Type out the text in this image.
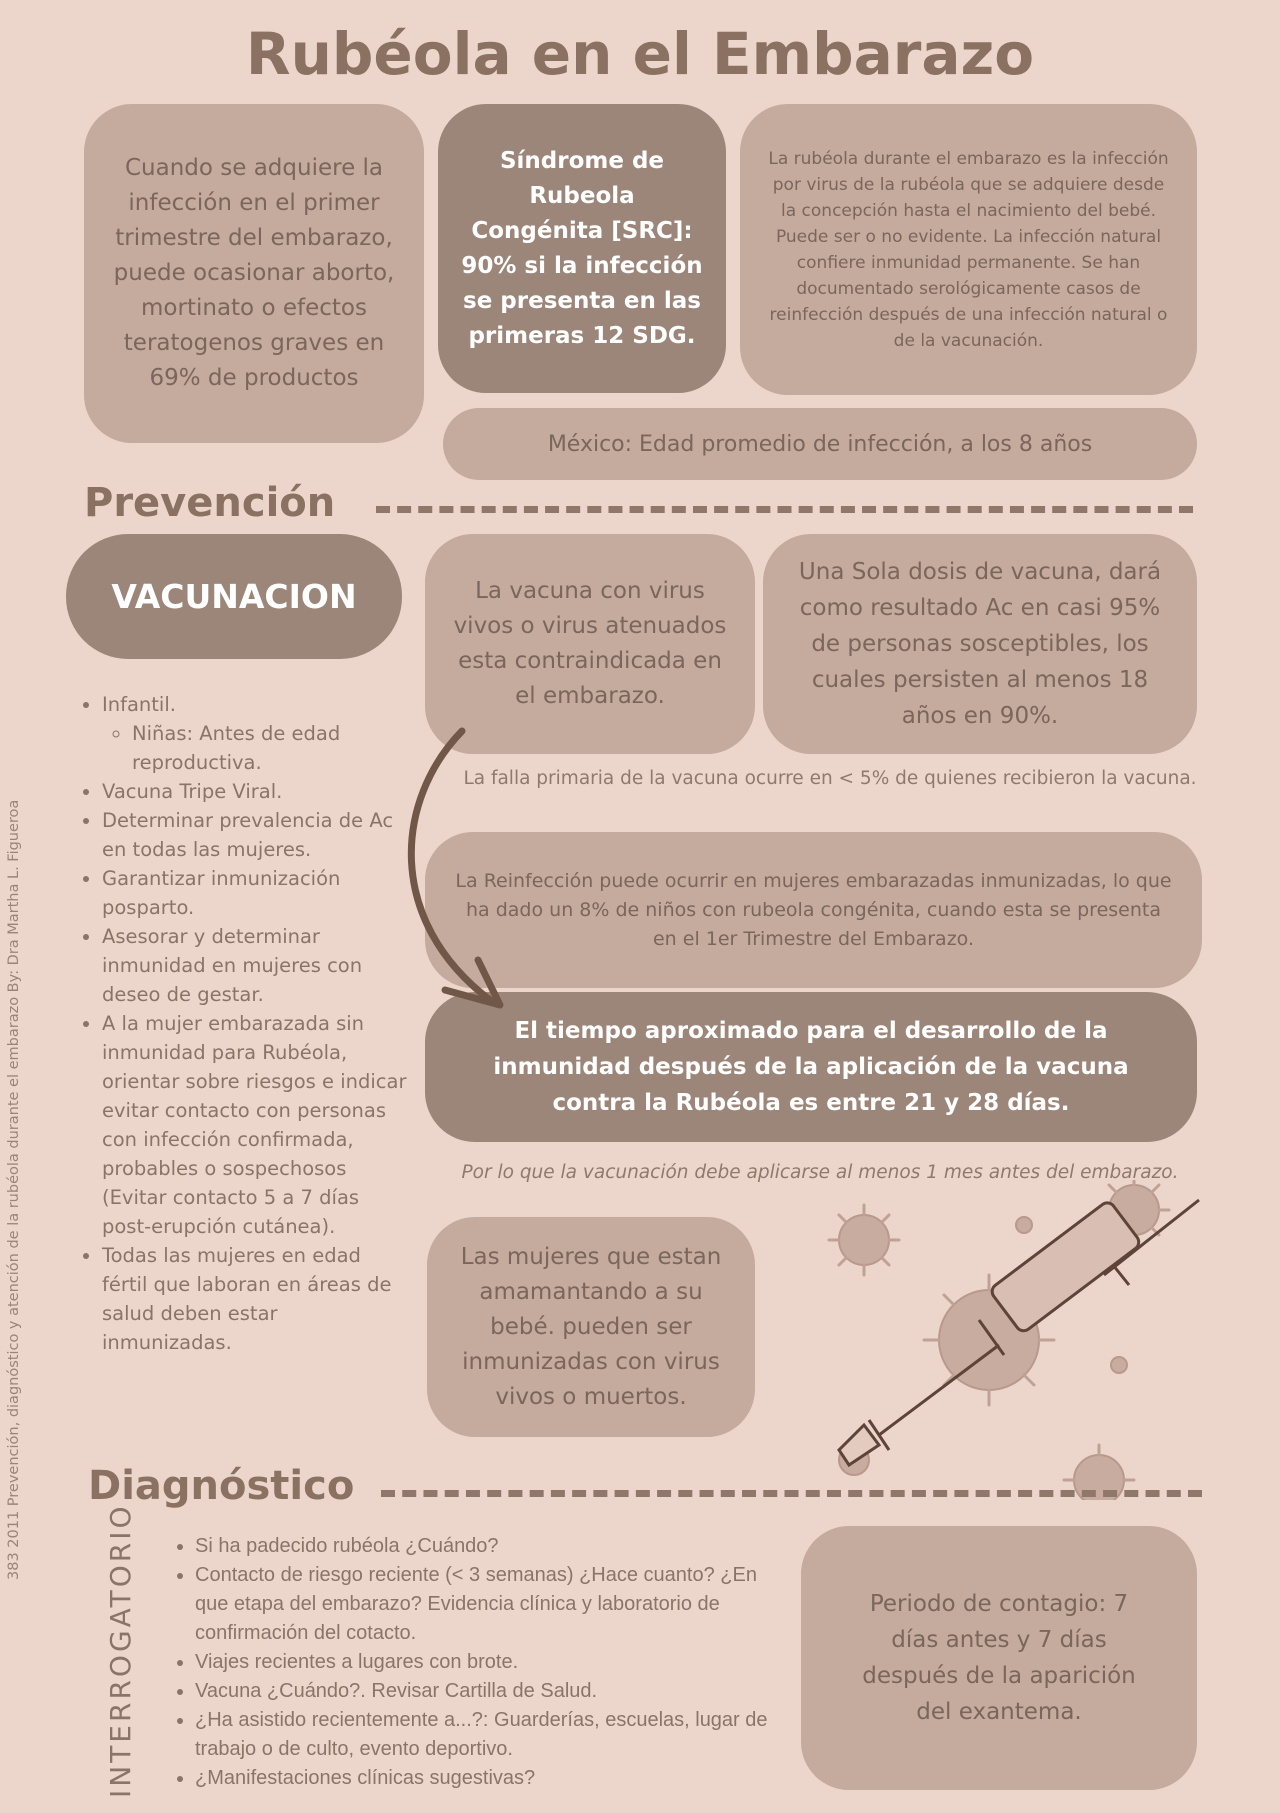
Rubéola en el Embarazo
Cuando se adquiere la infección en el primer trimestre del embarazo, puede ocasionar aborto, mortinato o efectos teratogenos graves en 69% de productos
Síndrome de Rubeola Congénita [SRC]: 90% si la infección se presenta en las primeras 12 SDG.
La rubéola durante el embarazo es la infección por virus de la rubéola que se adquiere desde la concepción hasta el nacimiento del bebé. Puede ser o no evidente. La infección natural confiere inmunidad permanente. Se han documentado serológicamente casos de reinfección después de una infección natural o de la vacunación.
México: Edad promedio de infección, a los 8 años
Prevención
VACUNACION
• Infantil.
◦ Niñas: Antes de edad reproductiva.
• Vacuna Tripe Viral.
• Determinar prevalencia de Ac en todas las mujeres.
• Garantizar inmunización posparto.
• Asesorar y determinar inmunidad en mujeres con deseo de gestar.
• A la mujer embarazada sin inmunidad para Rubéola, orientar sobre riesgos e indicar evitar contacto con personas con infección confirmada, probables o sospechosos (Evitar contacto 5 a 7 días post-erupción cutánea).
• Todas las mujeres en edad fértil que laboran en áreas de salud deben estar inmunizadas.
La vacuna con virus vivos o virus atenuados esta contraindicada en el embarazo.
Una Sola dosis de vacuna, dará como resultado Ac en casi 95% de personas sosceptibles, los cuales persisten al menos 18 años en 90%.
La falla primaria de la vacuna ocurre en < 5% de quienes recibieron la vacuna.
La Reinfección puede ocurrir en mujeres embarazadas inmunizadas, lo que ha dado un 8% de niños con rubeola congénita, cuando esta se presenta en el 1er Trimestre del Embarazo.
El tiempo aproximado para el desarrollo de la inmunidad después de la aplicación de la vacuna contra la Rubéola es entre 21 y 28 días.
Por lo que la vacunación debe aplicarse al menos 1 mes antes del embarazo.
Las mujeres que estan amamantando a su bebé. pueden ser inmunizadas con virus vivos o muertos.
Diagnóstico
INTERROGATORIO	• Si ha padecido rubéola ¿Cuándo?
• Contacto de riesgo reciente (< 3 semanas) ¿Hace cuanto? ¿En que etapa del embarazo? Evidencia clínica y laboratorio de confirmación del cotacto.
• Viajes recientes a lugares con brote.
• Vacuna ¿Cuándo?. Revisar Cartilla de Salud.
• ¿Ha asistido recientemente a...?: Guarderías, escuelas, lugar de trabajo o de culto, evento deportivo.
• ¿Manifestaciones clínicas sugestivas?
Periodo de contagio: 7 días antes y 7 días después de la aparición del exantema.
383 2011 Prevención, diagnóstico y atención de la rubéola durante el embarazo By: Dra Martha L. Figueroa
